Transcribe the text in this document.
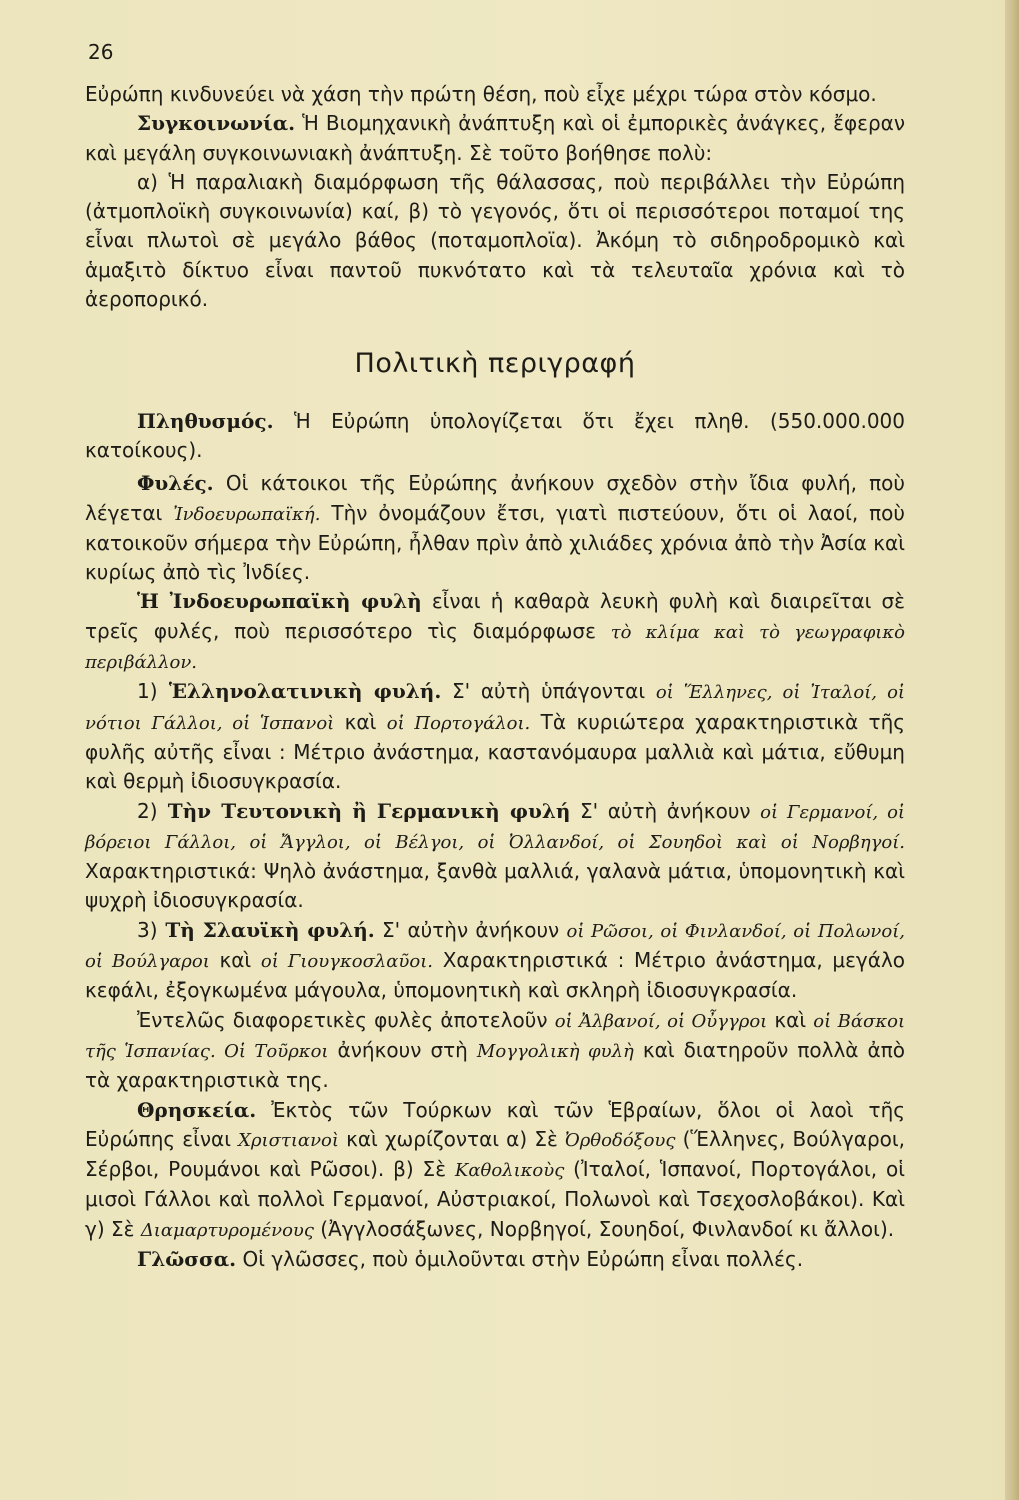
26

Εὐρώπη κινδυνεύει νὰ χάση τὴν πρώτη θέση, ποὺ εἶχε μέχρι τώρα στὸν κόσμο.

Συγκοινωνία. Ἡ Βιομηχανικὴ ἀνάπτυξη καὶ οἱ ἐμπορικὲς ἀνάγκες, ἔφεραν καὶ μεγάλη συγκοινωνιακὴ ἀνάπτυξη. Σὲ τοῦτο βοήθησε πολὺ:

α) Ἡ παραλιακὴ διαμόρφωση τῆς θάλασσας, ποὺ περιβάλλει τὴν Εὐρώπη (ἀτμοπλοϊκὴ συγκοινωνία) καί, β) τὸ γεγονός, ὅτι οἱ περισσότεροι ποταμοί της εἶναι πλωτοὶ σὲ μεγάλο βάθος (ποταμοπλοϊα). Ἀκόμη τὸ σιδηροδρομικὸ καὶ ἁμαξιτὸ δίκτυο εἶναι παντοῦ πυκνότατο καὶ τὰ τελευταῖα χρόνια καὶ τὸ ἀεροπορικό.

Πολιτικὴ περιγραφή

Πληθυσμός. Ἡ Εὐρώπη ὑπολογίζεται ὅτι ἔχει πληθ. (550.000.000 κατοίκους).

Φυλές. Οἱ κάτοικοι τῆς Εὐρώπης ἀνήκουν σχεδὸν στὴν ἴδια φυλή, ποὺ λέγεται Ἰνδοευρωπαϊκή. Τὴν ὀνομάζουν ἔτσι, γιατὶ πιστεύουν, ὅτι οἱ λαοί, ποὺ κατοικοῦν σήμερα τὴν Εὐρώπη, ἦλθαν πρὶν ἀπὸ χιλιάδες χρόνια ἀπὸ τὴν Ἀσία καὶ κυρίως ἀπὸ τὶς Ἰνδίες.

Ἡ Ἰνδοευρωπαϊκὴ φυλὴ εἶναι ἡ καθαρὰ λευκὴ φυλὴ καὶ διαιρεῖται σὲ τρεῖς φυλές, ποὺ περισσότερο τὶς διαμόρφωσε τὸ κλίμα καὶ τὸ γεωγραφικὸ περιβάλλον.

1) Ἑλληνολατινικὴ φυλή. Σ' αὐτὴ ὑπάγονται οἱ Ἕλληνες, οἱ Ἰταλοί, οἱ νότιοι Γάλλοι, οἱ Ἱσπανοὶ καὶ οἱ Πορτογάλοι. Τὰ κυριώτερα χαρακτηριστικὰ τῆς φυλῆς αὐτῆς εἶναι : Μέτριο ἀνάστημα, καστανόμαυρα μαλλιὰ καὶ μάτια, εὔθυμη καὶ θερμὴ ἰδιοσυγκρασία.

2) Τὴν Τευτονικὴ ἢ Γερμανικὴ φυλή Σ' αὐτὴ ἀνήκουν οἱ Γερμανοί, οἱ βόρειοι Γάλλοι, οἱ Ἄγγλοι, οἱ Βέλγοι, οἱ Ὀλλανδοί, οἱ Σουηδοὶ καὶ οἱ Νορβηγοί. Χαρακτηριστικά: Ψηλὸ ἀνάστημα, ξανθὰ μαλλιά, γαλανὰ μάτια, ὑπομονητικὴ καὶ ψυχρὴ ἰδιοσυγκρασία.

3) Τὴ Σλαυϊκὴ φυλή. Σ' αὐτὴν ἀνήκουν οἱ Ρῶσοι, οἱ Φινλανδοί, οἱ Πολωνοί, οἱ Βούλγαροι καὶ οἱ Γιουγκοσλαῦοι. Χαρακτηριστικά : Μέτριο ἀνάστημα, μεγάλο κεφάλι, ἐξογκωμένα μάγουλα, ὑπομονητικὴ καὶ σκληρὴ ἰδιοσυγκρασία.

Ἐντελῶς διαφορετικὲς φυλὲς ἀποτελοῦν οἱ Ἀλβανοί, οἱ Οὖγγροι καὶ οἱ Βάσκοι τῆς Ἱσπανίας. Οἱ Τοῦρκοι ἀνήκουν στὴ Μογγολικὴ φυλὴ καὶ διατηροῦν πολλὰ ἀπὸ τὰ χαρακτηριστικὰ της.

Θρησκεία. Ἐκτὸς τῶν Τούρκων καὶ τῶν Ἑβραίων, ὅλοι οἱ λαοὶ τῆς Εὐρώπης εἶναι Χριστιανοὶ καὶ χωρίζονται α) Σὲ Ὀρθοδόξους (Ἕλληνες, Βούλγαροι, Σέρβοι, Ρουμάνοι καὶ Ρῶσοι). β) Σὲ Καθολικοὺς (Ἰταλοί, Ἱσπανοί, Πορτογάλοι, οἱ μισοὶ Γάλλοι καὶ πολλοὶ Γερμανοί, Αὐστριακοί, Πολωνοὶ καὶ Τσεχοσλοβάκοι). Καὶ γ) Σὲ Διαμαρτυρομένους (Ἀγγλοσάξωνες, Νορβηγοί, Σουηδοί, Φινλανδοί κι ἄλλοι).

Γλῶσσα. Οἱ γλῶσσες, ποὺ ὁμιλοῦνται στὴν Εὐρώπη εἶναι πολλές.
